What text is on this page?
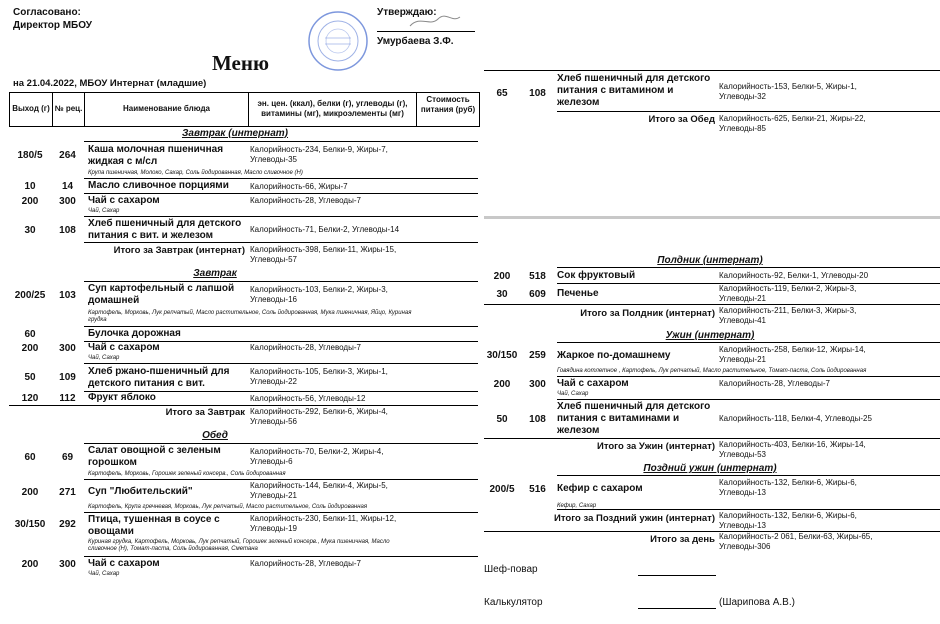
Согласовано:
Директор МБОУ
Утверждаю:
Умурбаева З.Ф.
Меню
на 21.04.2022, МБОУ Интернат (младшие)
Выход (г) № рец.	Наименование блюда
эн. цен. (ккал), белки (г), углеводы (г), витамины (мг), микроэлементы (мг)
Стоимость питания (руб)
Завтрак (интернат)
180/5	264
Каша молочная пшеничная жидкая с м/сл
Калорийность-234, Белки-9, Жиры-7, Углеводы-35
Крупа пшеничная, Молоко, Сахар, Соль йодированная, Масло сливочное (Н)
10	14	Масло сливочное порциями	Калорийность-66, Жиры-7
200	300	Чай с сахаром	Калорийность-28, Углеводы-7
Чай, Сахар
30	108
Хлеб пшеничный для детского питания с вит. и железом
Калорийность-71, Белки-2, Углеводы-14
Итого за Завтрак (интернат) Калорийность-398, Белки-11, Жиры-15, Углеводы-57
Завтрак
200/25	103
Суп картофельный с лапшой домашней
Калорийность-103, Белки-2, Жиры-3, Углеводы-16
Картофель, Морковь, Лук репчатый, Масло растительное, Соль йодированная, Мука пшеничная, Яйцо, Куриная грудка
60	Булочка дорожная
200	300	Чай с сахаром	Калорийность-28, Углеводы-7
Чай, Сахар
50	109
Хлеб ржано-пшеничный для детского питания с вит.
Калорийность-105, Белки-3, Жиры-1, Углеводы-22
120	112	Фрукт яблоко	Калорийность-56, Углеводы-12
Итого за Завтрак Калорийность-292, Белки-6, Жиры-4, Углеводы-56
Обед
60	69
Салат овощной с зеленым горошком
Калорийность-70, Белки-2, Жиры-4, Углеводы-6
Картофель, Морковь, Горошек зеленый консерв., Соль йодированная
200	271	Суп "Любительский"
Калорийность-144, Белки-4, Жиры-5, Углеводы-21
Картофель, Крупа гречневая, Морковь, Лук репчатый, Масло растительное, Соль йодированная
30/150	292	Птица, тушенная в соусе с овощами
Калорийность-230, Белки-11, Жиры-12, Углеводы-19
Куриная грудка, Картофель, Морковь, Лук репчатый, Горошек зеленый консерв., Мука пшеничная, Масло сливочное (Н), Томат-паста, Соль йодированная, Сметана
200	300	Чай с сахаром	Калорийность-28, Углеводы-7
Чай, Сахар
65	108
Хлеб пшеничный для детского питания с витамином и железом
Калорийность-153, Белки-5, Жиры-1, Углеводы-32
Итого за Обед Калорийность-625, Белки-21, Жиры-22, Углеводы-85
Полдник (интернат)
200	518	Сок фруктовый	Калорийность-92, Белки-1, Углеводы-20
30	609	Печенье	Калорийность-119, Белки-2, Жиры-3, Углеводы-21
Итого за Полдник (интернат) Калорийность-211, Белки-3, Жиры-3, Углеводы-41
Ужин (интернат)
30/150	259	Жаркое по-домашнему
Калорийность-258, Белки-12, Жиры-14, Углеводы-21
Говядина котлетное , Картофель, Лук репчатый, Масло растительное, Томат-паста, Соль йодированная
200	300	Чай с сахаром	Калорийность-28, Углеводы-7
Чай, Сахар
50	108
Хлеб пшеничный для детского питания с витаминами и железом
Калорийность-118, Белки-4, Углеводы-25
Итого за Ужин (интернат) Калорийность-403, Белки-16, Жиры-14, Углеводы-53
Поздний ужин (интернат)
200/5	516	Кефир с сахаром
Калорийность-132, Белки-6, Жиры-6, Углеводы-13
Кефир, Сахар
Итого за Поздний ужин (интернат) Калорийность-132, Белки-6, Жиры-6, Углеводы-13
Итого за день Калорийность-2 061, Белки-63, Жиры-65, Углеводы-306
Шеф-повар
Калькулятор	(Шарипова А.В.)
